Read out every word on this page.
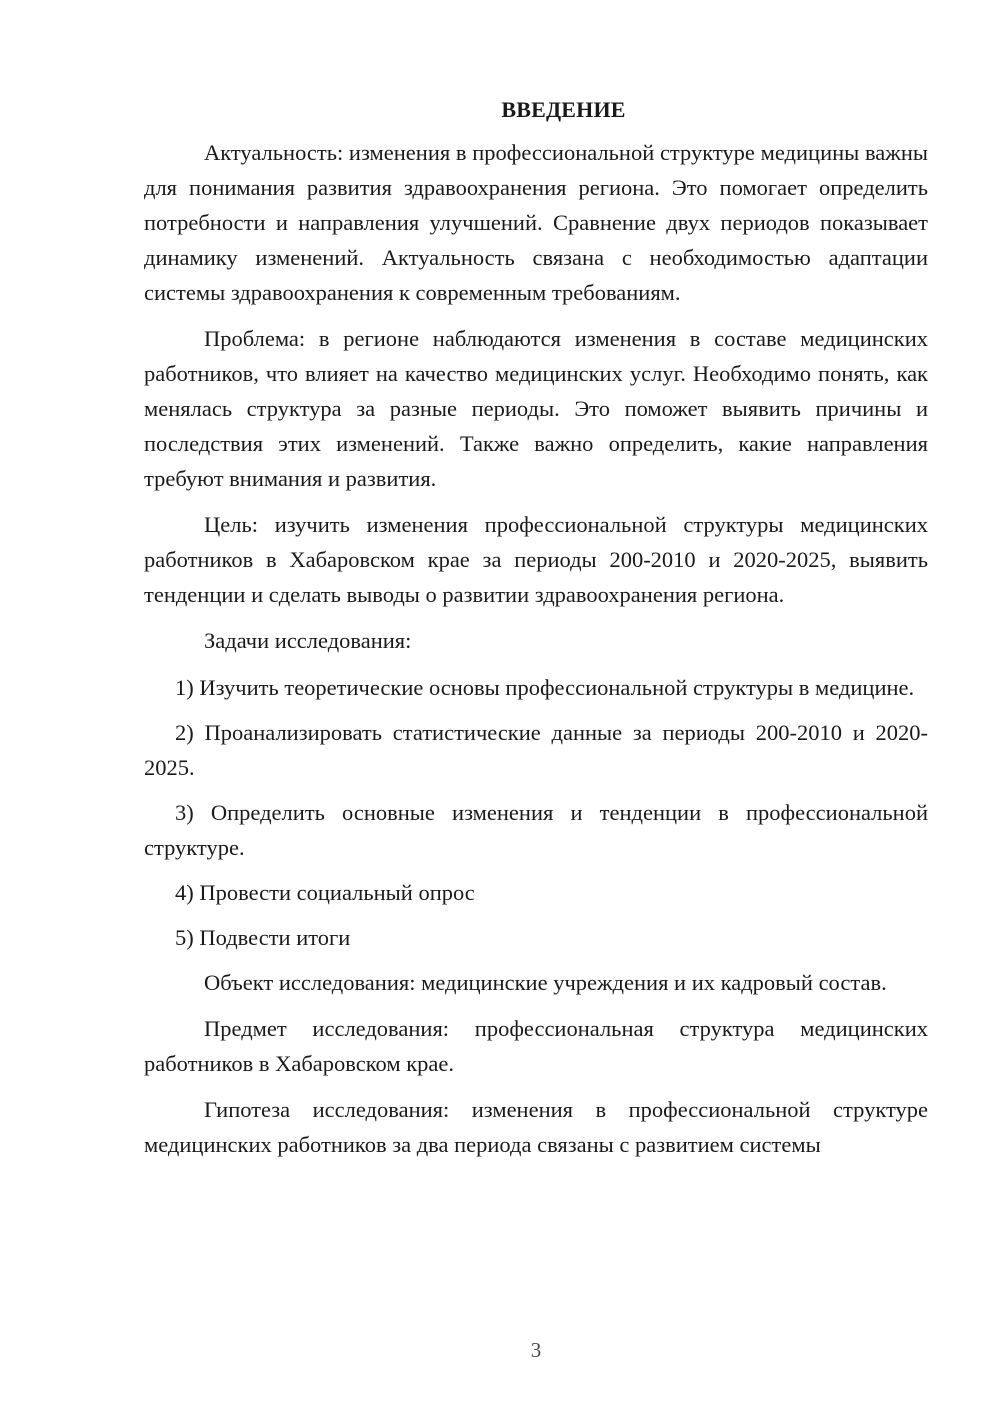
ВВЕДЕНИЕ
Актуальность: изменения в профессиональной структуре медицины важны для понимания развития здравоохранения региона. Это помогает определить потребности и направления улучшений. Сравнение двух периодов показывает динамику изменений. Актуальность связана с необходимостью адаптации системы здравоохранения к современным требованиям.
Проблема: в регионе наблюдаются изменения в составе медицинских работников, что влияет на качество медицинских услуг. Необходимо понять, как менялась структура за разные периоды. Это поможет выявить причины и последствия этих изменений. Также важно определить, какие направления требуют внимания и развития.
Цель: изучить изменения профессиональной структуры медицинских работников в Хабаровском крае за периоды 200-2010 и 2020-2025, выявить тенденции и сделать выводы о развитии здравоохранения региона.
Задачи исследования:
1) Изучить теоретические основы профессиональной структуры в медицине.
2) Проанализировать статистические данные за периоды 200-2010 и 2020-2025.
3) Определить основные изменения и тенденции в профессиональной структуре.
4) Провести социальный опрос
5) Подвести итоги
Объект исследования: медицинские учреждения и их кадровый состав.
Предмет исследования: профессиональная структура медицинских работников в Хабаровском крае.
Гипотеза исследования: изменения в профессиональной структуре медицинских работников за два периода связаны с развитием системы
3
